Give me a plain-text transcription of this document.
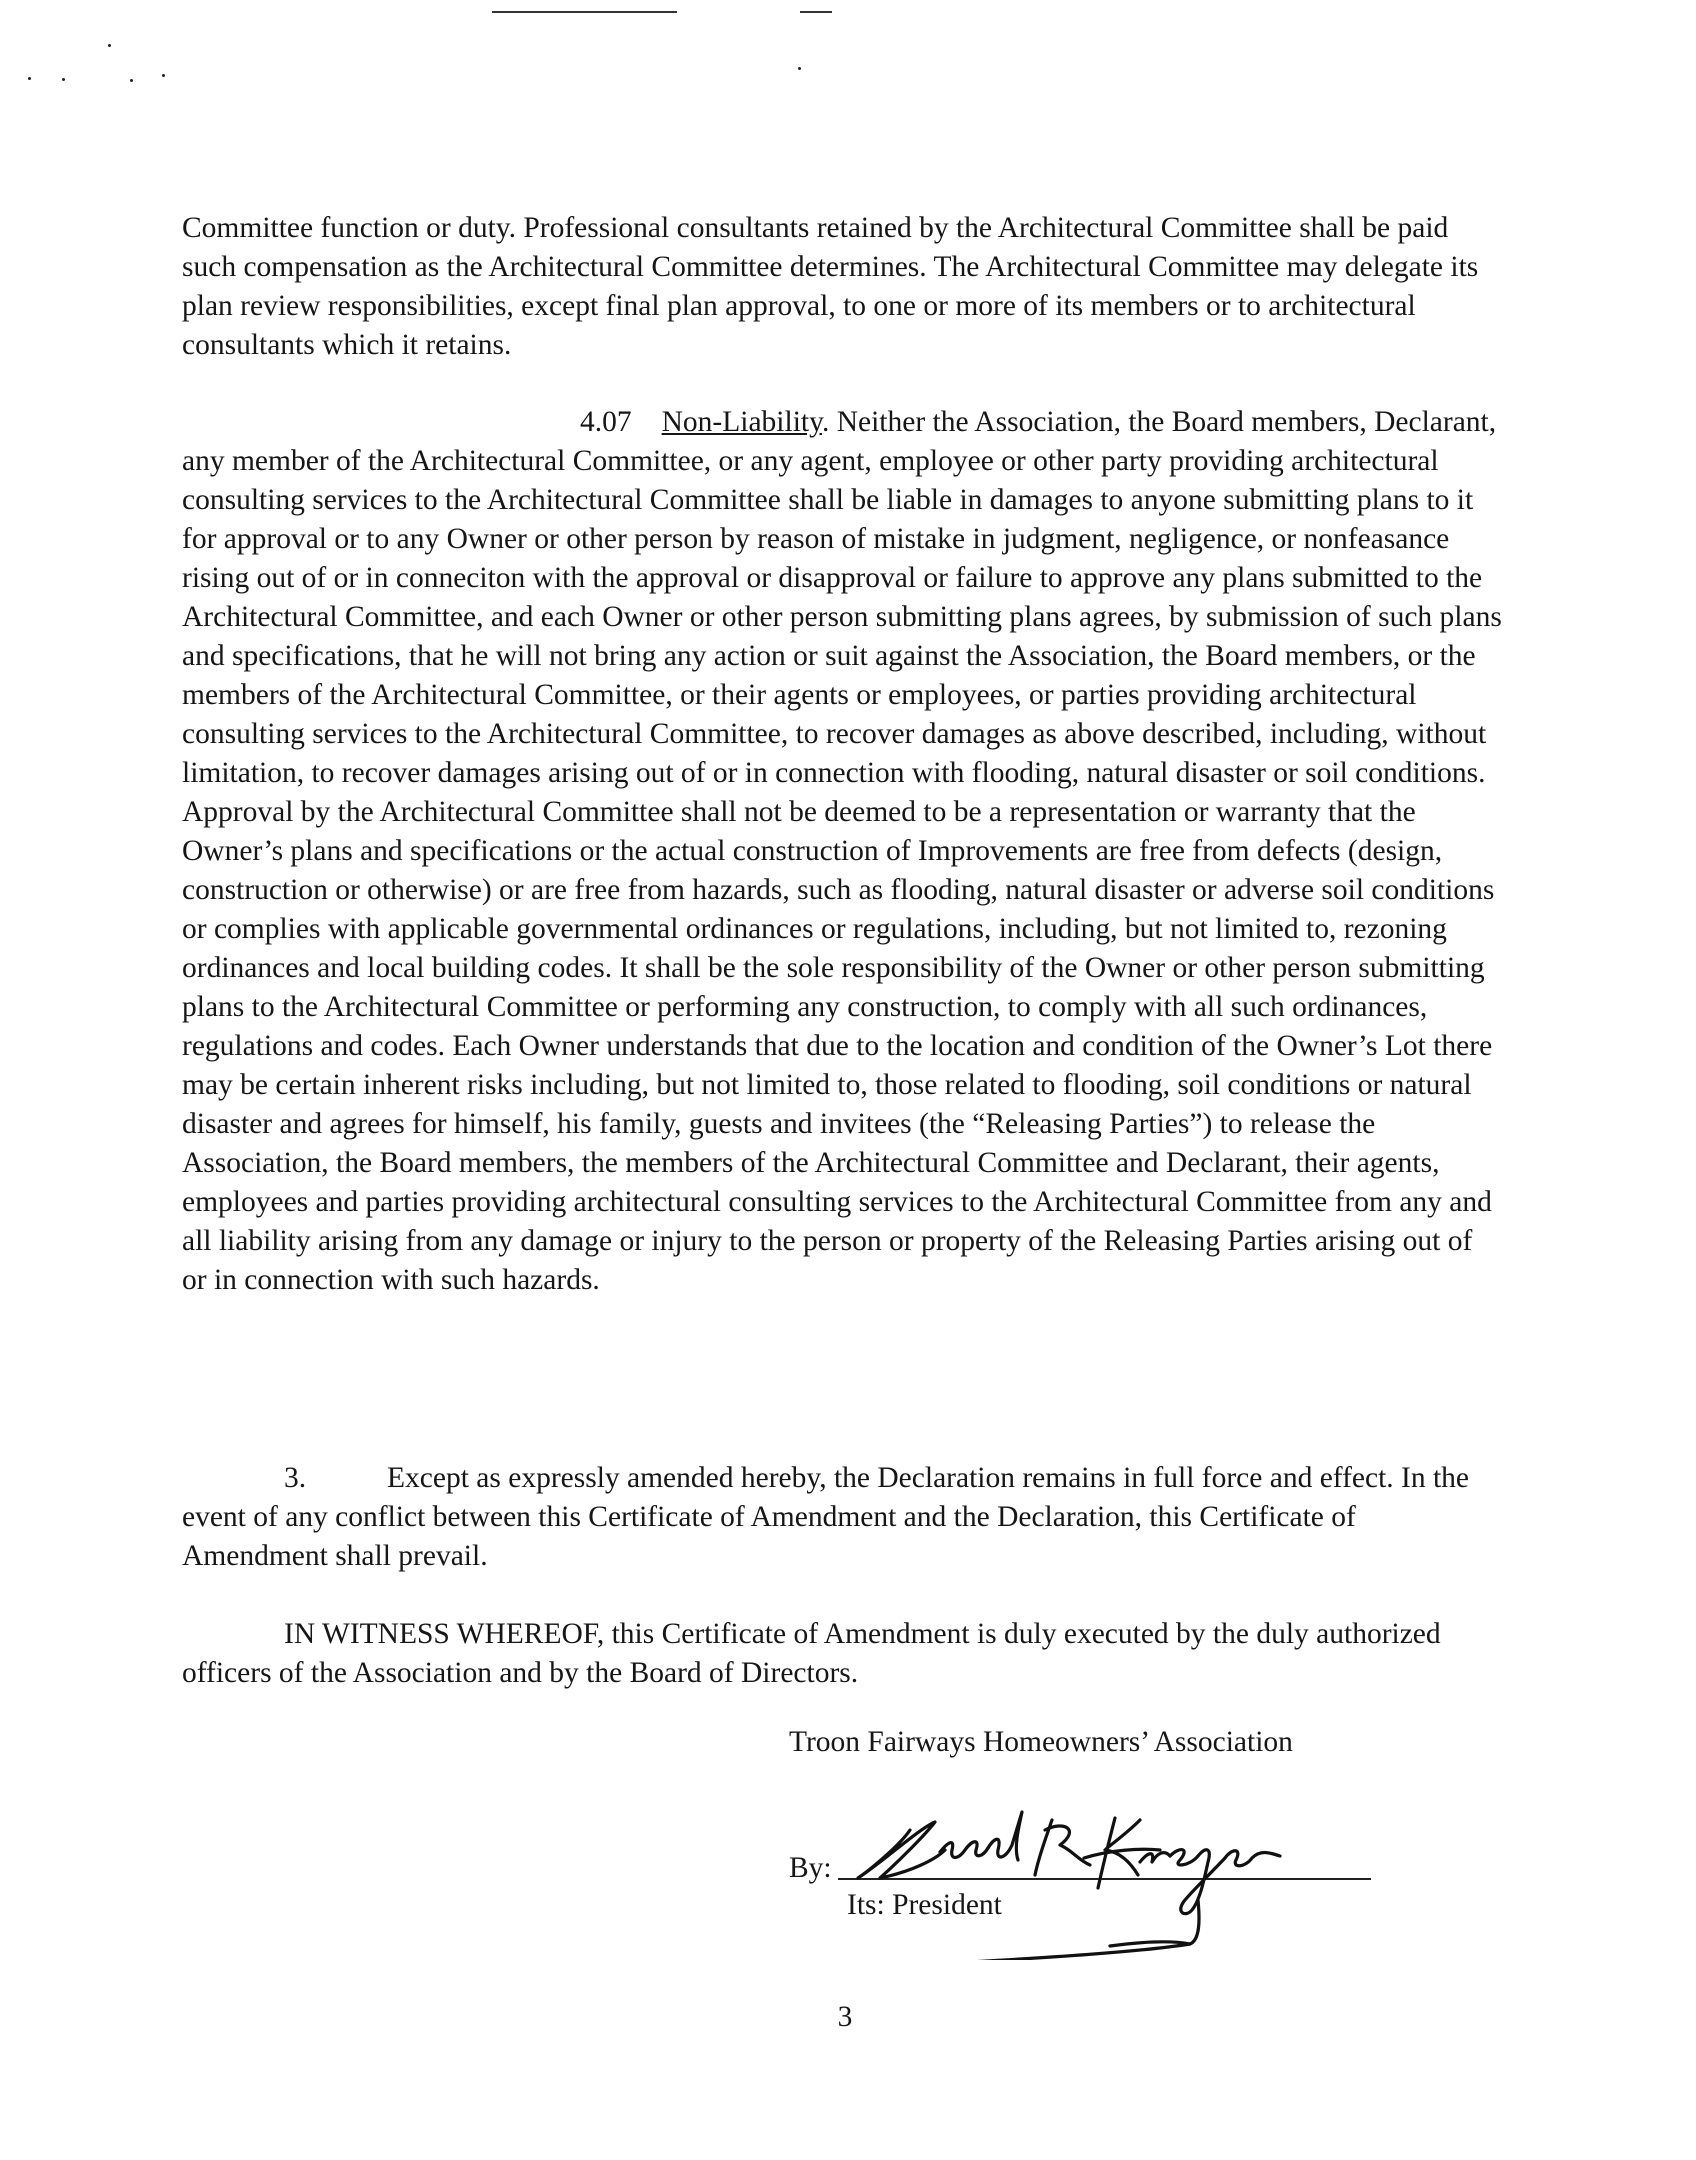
Committee function or duty. Professional consultants retained by the Architectural Committee shall be paid such compensation as the Architectural Committee determines. The Architectural Committee may delegate its plan review responsibilities, except final plan approval, to one or more of its members or to architectural consultants which it retains.

4.07 Non-Liability. Neither the Association, the Board members, Declarant, any member of the Architectural Committee, or any agent, employee or other party providing architectural consulting services to the Architectural Committee shall be liable in damages to anyone submitting plans to it for approval or to any Owner or other person by reason of mistake in judgment, negligence, or nonfeasance rising out of or in conneciton with the approval or disapproval or failure to approve any plans submitted to the Architectural Committee, and each Owner or other person submitting plans agrees, by submission of such plans and specifications, that he will not bring any action or suit against the Association, the Board members, or the members of the Architectural Committee, or their agents or employees, or parties providing architectural consulting services to the Architectural Committee, to recover damages as above described, including, without limitation, to recover damages arising out of or in connection with flooding, natural disaster or soil conditions. Approval by the Architectural Committee shall not be deemed to be a representation or warranty that the Owner’s plans and specifications or the actual construction of Improvements are free from defects (design, construction or otherwise) or are free from hazards, such as flooding, natural disaster or adverse soil conditions or complies with applicable governmental ordinances or regulations, including, but not limited to, rezoning ordinances and local building codes. It shall be the sole responsibility of the Owner or other person submitting plans to the Architectural Committee or performing any construction, to comply with all such ordinances, regulations and codes. Each Owner understands that due to the location and condition of the Owner’s Lot there may be certain inherent risks including, but not limited to, those related to flooding, soil conditions or natural disaster and agrees for himself, his family, guests and invitees (the “Releasing Parties”) to release the Association, the Board members, the members of the Architectural Committee and Declarant, their agents, employees and parties providing architectural consulting services to the Architectural Committee from any and all liability arising from any damage or injury to the person or property of the Releasing Parties arising out of or in connection with such hazards.

3.	Except as expressly amended hereby, the Declaration remains in full force and effect. In the event of any conflict between this Certificate of Amendment and the Declaration, this Certificate of Amendment shall prevail.

IN WITNESS WHEREOF, this Certificate of Amendment is duly executed by the duly authorized officers of the Association and by the Board of Directors.

Troon Fairways Homeowners’ Association
By:
Its: President
3
